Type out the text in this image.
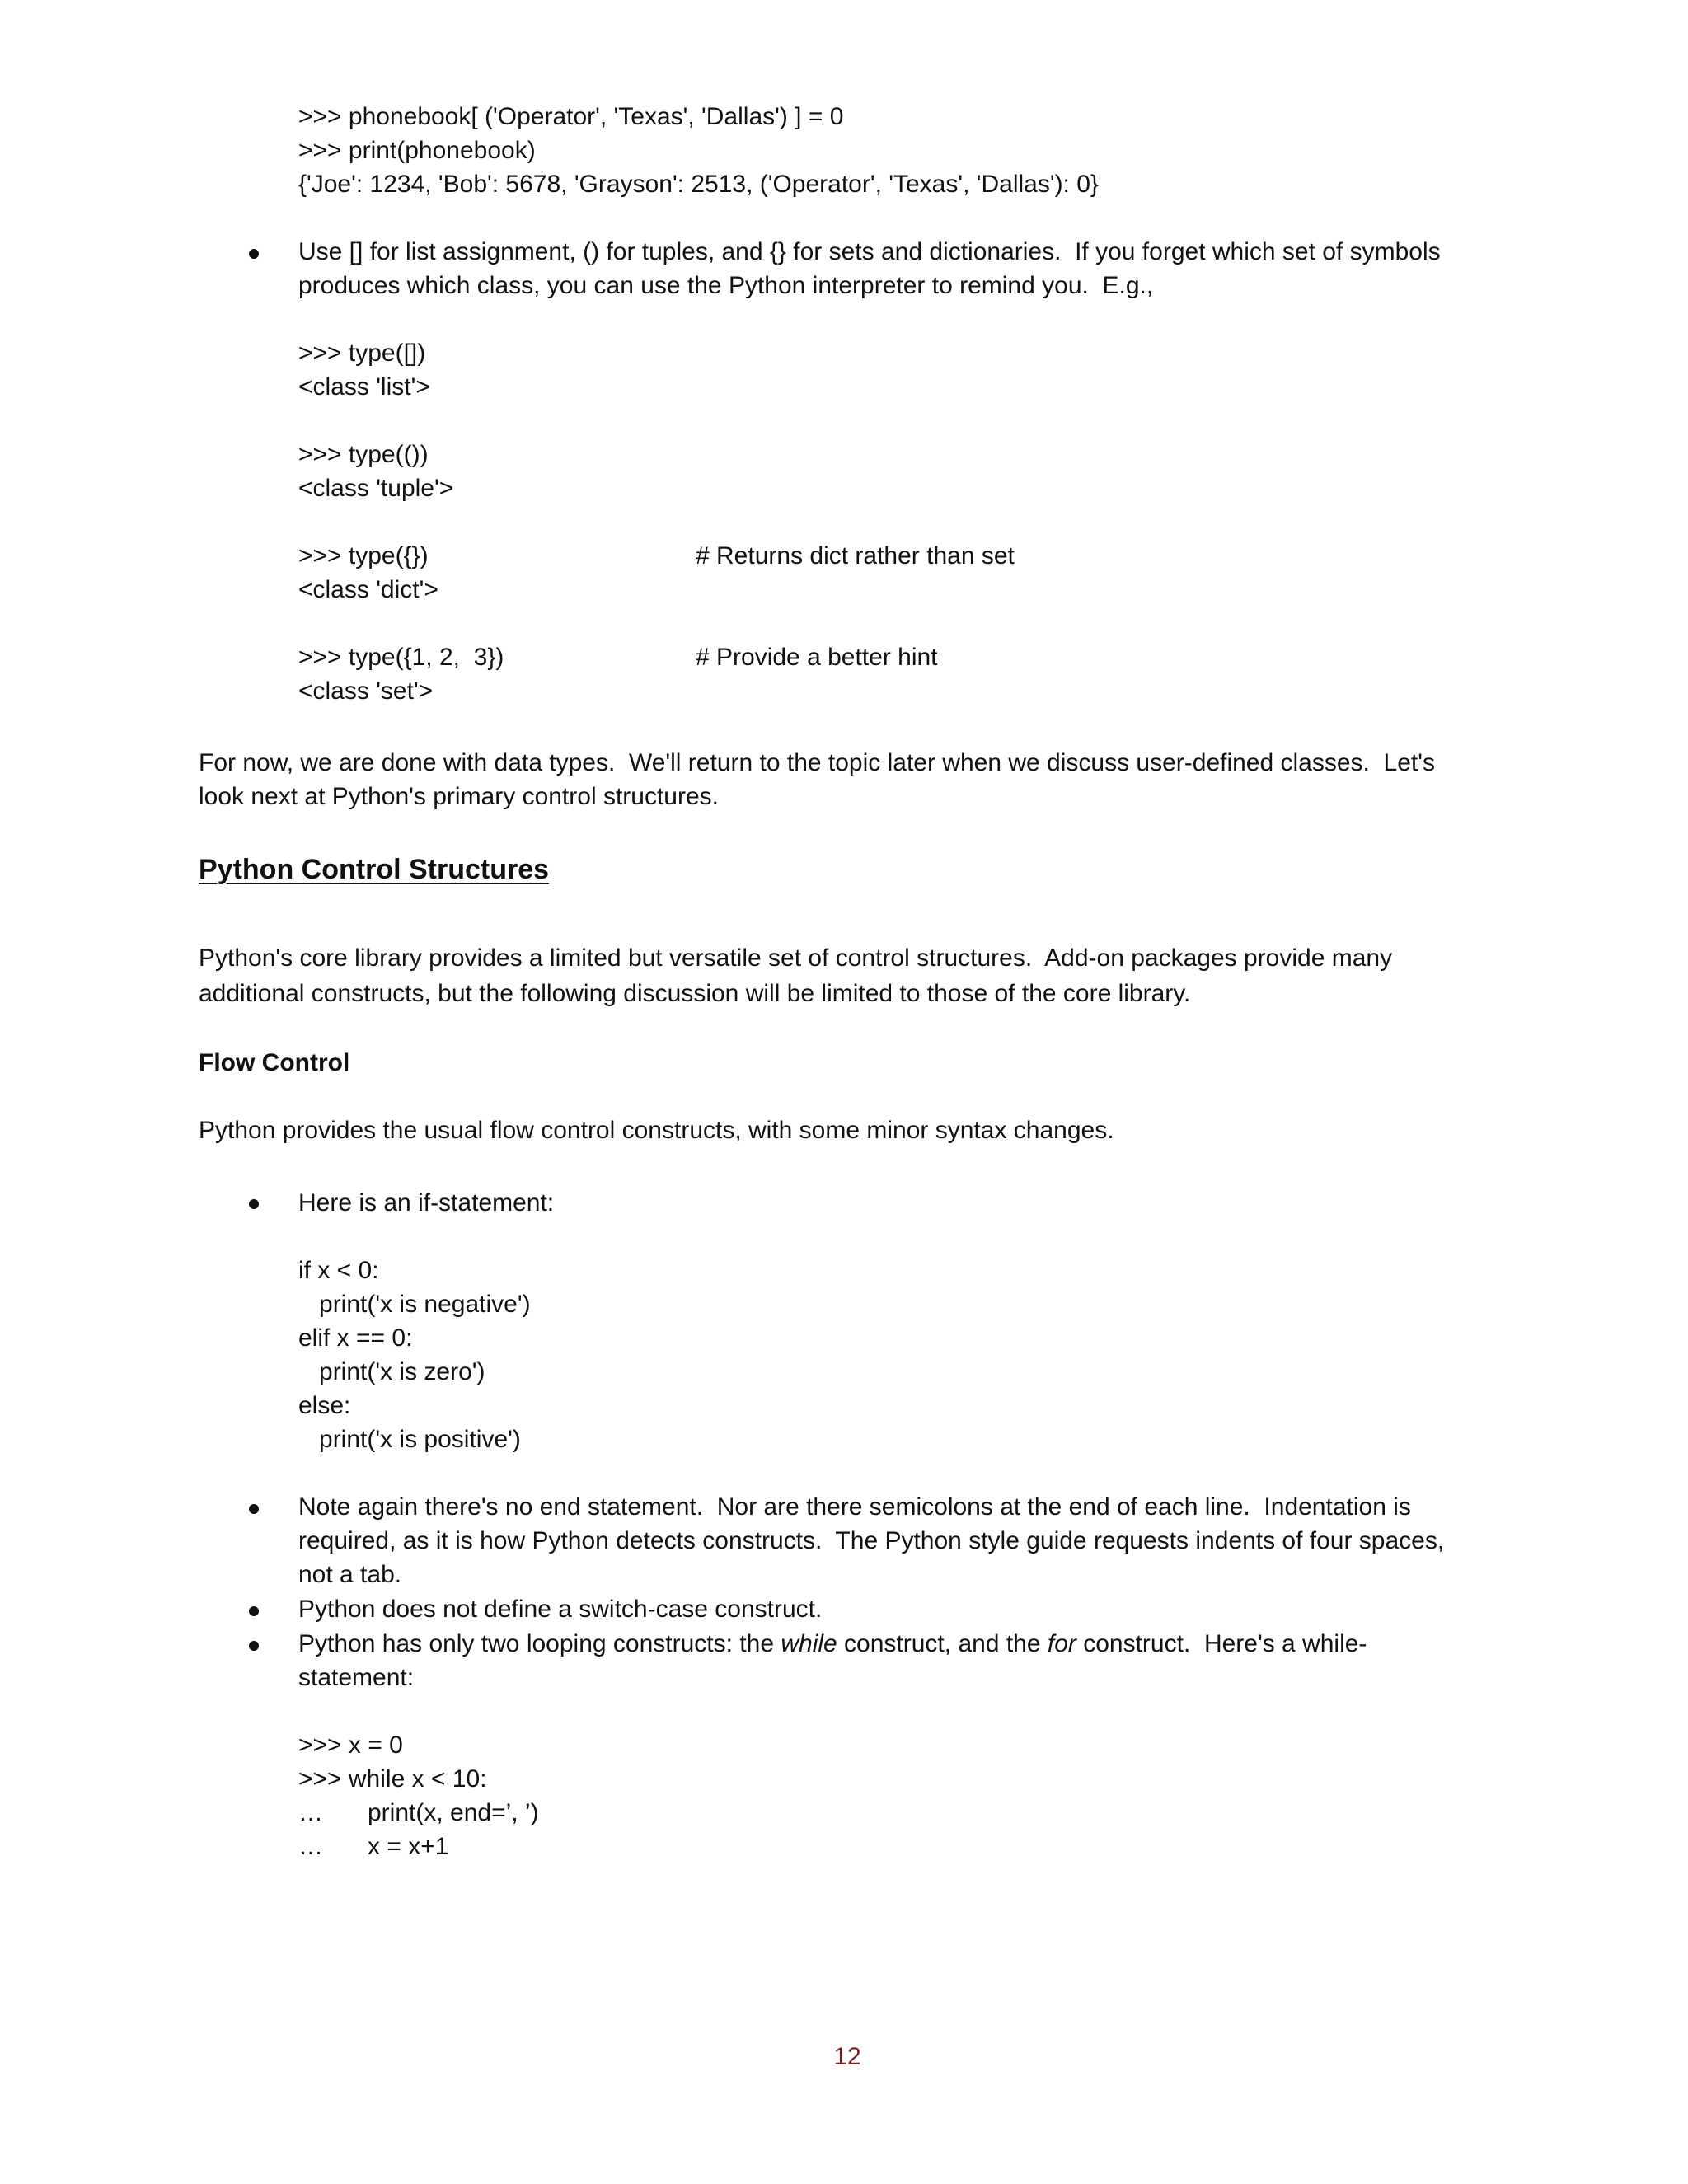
>>> phonebook[ ('Operator', 'Texas', 'Dallas') ] = 0

>>> print(phonebook)

{'Joe': 1234, 'Bob': 5678, 'Grayson': 2513, ('Operator', 'Texas', 'Dallas'): 0}

Use [] for list assignment, () for tuples, and {} for sets and dictionaries.  If you forget which set of symbols

produces which class, you can use the Python interpreter to remind you.  E.g.,

>>> type([])

<class 'list'>

>>> type(())

<class 'tuple'>

>>> type({})	# Returns dict rather than set

<class 'dict'>

>>> type({1, 2,  3})	# Provide a better hint

<class 'set'>

For now, we are done with data types.  We'll return to the topic later when we discuss user-defined classes.  Let's

look next at Python's primary control structures.

Python Control Structures

Python's core library provides a limited but versatile set of control structures.  Add-on packages provide many

additional constructs, but the following discussion will be limited to those of the core library.

Flow Control

Python provides the usual flow control constructs, with some minor syntax changes.

Here is an if-statement:

if x < 0:

print('x is negative')

elif x == 0:

print('x is zero')

else:

print('x is positive')

Note again there's no end statement.  Nor are there semicolons at the end of each line.  Indentation is

required, as it is how Python detects constructs.  The Python style guide requests indents of four spaces,

not a tab.

Python does not define a switch-case construct.

Python has only two looping constructs: the while construct, and the for construct.  Here's a while-

statement:

>>> x = 0

>>> while x < 10:

… print(x, end=’, ’)

… x = x+1

12
